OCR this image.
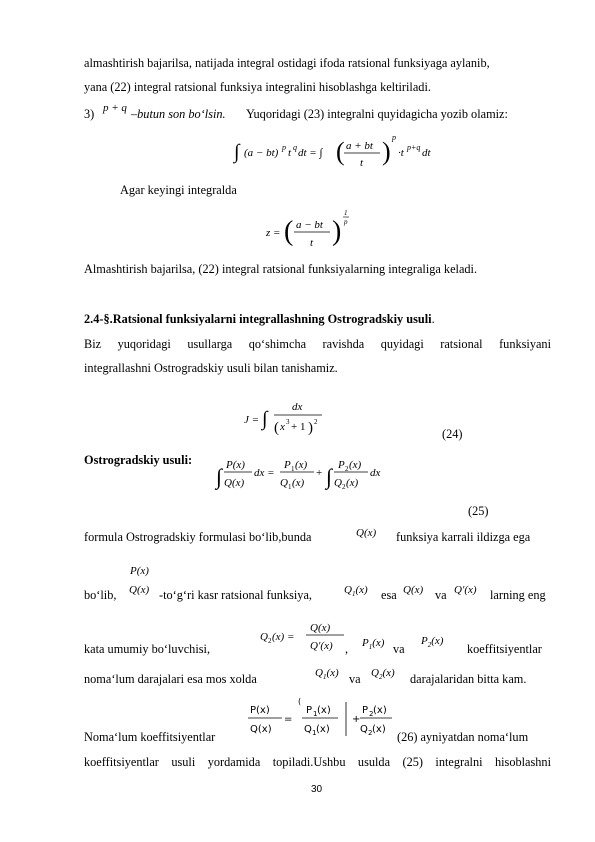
almashtirish bajarilsa, natijada integral ostidagi ifoda ratsional funksiyaga aylanib,
yana (22) integral ratsional funksiya integralini hisoblashga keltiriladi.
3) p + q –butun son bo‘lsin. Yuqoridagi (23) integralni quyidagicha yozib olamiz:
∫ (a − bt) p t q dt = ∫ ( a + bt
t ) p
·t p+q dt
Agar keyingi integralda
z = ( a − bt
t )
1
p
Almashtirish bajarilsa, (22) integral ratsional funksiyalarning integraliga keladi.
2.4-§.Ratsional funksiyalarni integrallashning Ostrogradskiy usuli.
Biz yuqoridagi usullarga qo‘shimcha ravishda quyidagi ratsional funksiyani
integrallashni Ostrogradskiy usuli bilan tanishamiz.
J = ∫
dx
( x 3 + 1 ) 2
(24)
Ostrogradskiy usuli:
∫ P(x)
Q(x)
dx =
P 1 (x)
Q 1 (x)
+ ∫ P 2 (x)
Q 2 (x)
dx
(25)
formula Ostrogradskiy formulasi bo‘lib,bunda	Q(x) funksiya karrali ildizga ega
P(x)
bo‘lib, Q(x) -to‘g‘ri kasr ratsional funksiya,	$Q_1(x)$ esa Q(x) va Q′(x) larning eng
kata umumiy bo‘luvchisi,
Q 2 (x) =
Q(x)
Q ′(x) , $P_1(x)$ va
$P_2(x)$
koeffitsiyentlar
noma‘lum darajalari esa mos xolda	$Q_1(x)$ va $Q_2(x)$ darajalaridan bitta kam.
P(x)
Q(x)
=
(
P 1 (x)
Q 1 (x)
+
P 2 (x)
Q 2 (x)
Noma‘lum koeffitsiyentlar	(26) ayniyatdan noma‘lum
koeffitsiyentlar usuli yordamida topiladi.Ushbu usulda (25) integralni hisoblashni
30
